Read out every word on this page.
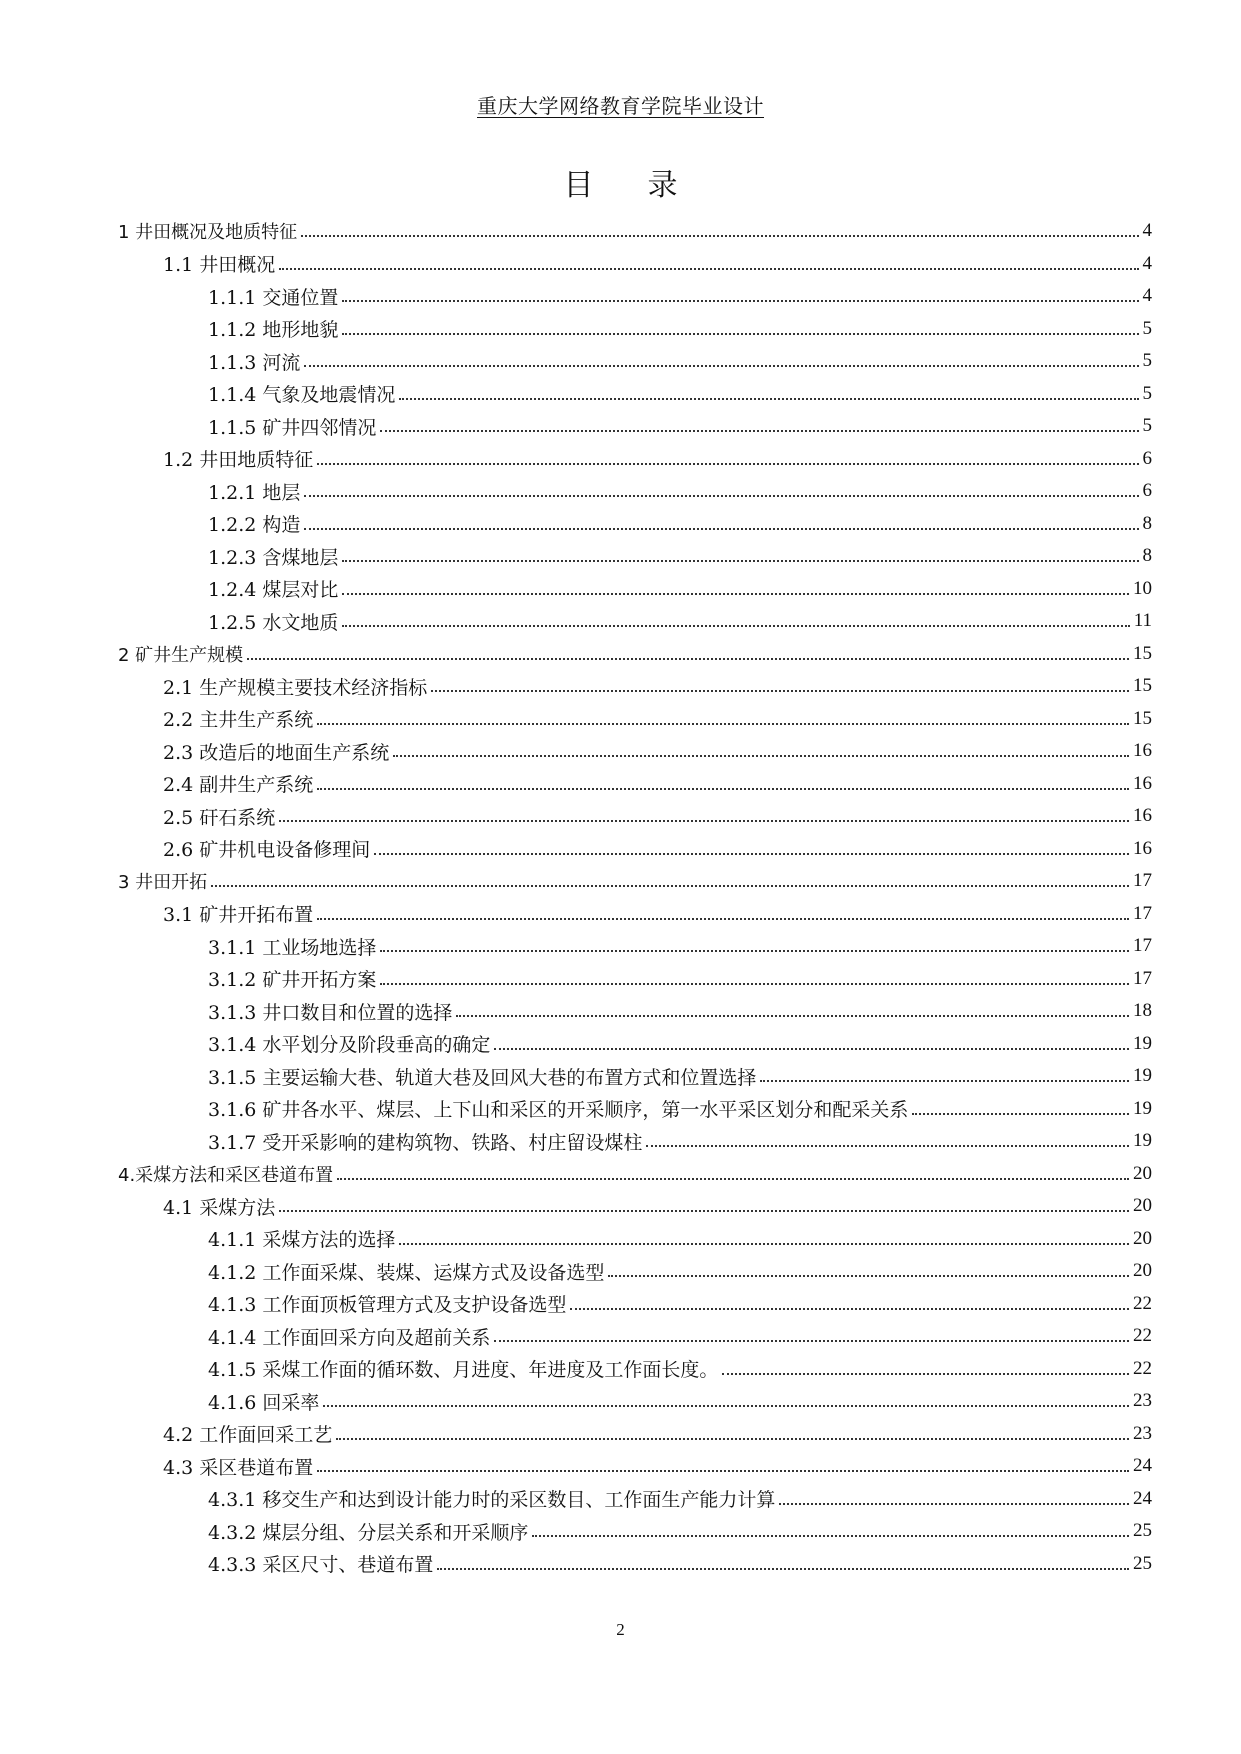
重庆大学网络教育学院毕业设计
目录
1 井田概况及地质特征	4
1.1 井田概况	4
1.1.1 交通位置	4
1.1.2 地形地貌	5
1.1.3 河流	5
1.1.4 气象及地震情况	5
1.1.5 矿井四邻情况	5
1.2 井田地质特征	6
1.2.1 地层	6
1.2.2 构造	8
1.2.3 含煤地层	8
1.2.4 煤层对比	10
1.2.5 水文地质	11
2 矿井生产规模	15
2.1 生产规模主要技术经济指标	15
2.2 主井生产系统	15
2.3 改造后的地面生产系统	16
2.4 副井生产系统	16
2.5 矸石系统	16
2.6 矿井机电设备修理间	16
3 井田开拓	17
3.1 矿井开拓布置	17
3.1.1 工业场地选择	17
3.1.2 矿井开拓方案	17
3.1.3 井口数目和位置的选择	18
3.1.4 水平划分及阶段垂高的确定	19
3.1.5 主要运输大巷、轨道大巷及回风大巷的布置方式和位置选择	19
3.1.6 矿井各水平、煤层、上下山和采区的开采顺序，第一水平采区划分和配采关系	19
3.1.7 受开采影响的建构筑物、铁路、村庄留设煤柱	19
4.采煤方法和采区巷道布置	20
4.1 采煤方法	20
4.1.1 采煤方法的选择	20
4.1.2 工作面采煤、装煤、运煤方式及设备选型	20
4.1.3 工作面顶板管理方式及支护设备选型	22
4.1.4 工作面回采方向及超前关系	22
4.1.5 采煤工作面的循环数、月进度、年进度及工作面长度。	22
4.1.6 回采率	23
4.2 工作面回采工艺	23
4.3 采区巷道布置	24
4.3.1 移交生产和达到设计能力时的采区数目、工作面生产能力计算	24
4.3.2 煤层分组、分层关系和开采顺序	25
4.3.3 采区尺寸、巷道布置	25
2
